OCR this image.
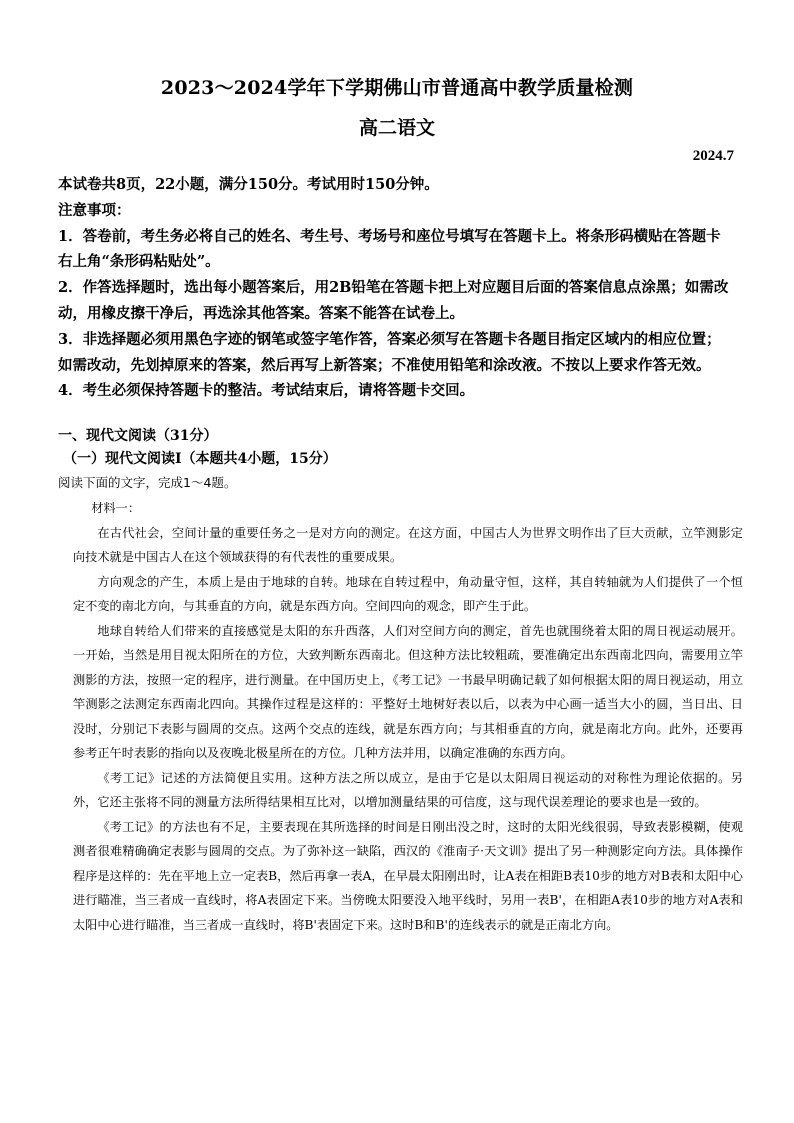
2023～2024学年下学期佛山市普通高中教学质量检测
高二语文
2024.7

本试卷共8页，22小题，满分150分。考试用时150分钟。

注意事项：

1．答卷前，考生务必将自己的姓名、考生号、考场号和座位号填写在答题卡上。将条形码横贴在答题卡右上角“条形码粘贴处”。

2．作答选择题时，选出每小题答案后，用2B铅笔在答题卡把上对应题目后面的答案信息点涂黑；如需改动，用橡皮擦干净后，再选涂其他答案。答案不能答在试卷上。

3．非选择题必须用黑色字迹的钢笔或签字笔作答，答案必须写在答题卡各题目指定区域内的相应位置；如需改动，先划掉原来的答案，然后再写上新答案；不准使用铅笔和涂改液。不按以上要求作答无效。

4．考生必须保持答题卡的整洁。考试结束后，请将答题卡交回。

一、现代文阅读（31分）
（一）现代文阅读Ⅰ（本题共4小题，15分）
阅读下面的文字，完成1～4题。

材料一：

在古代社会，空间计量的重要任务之一是对方向的测定。在这方面，中国古人为世界文明作出了巨大贡献，立竿测影定向技术就是中国古人在这个领域获得的有代表性的重要成果。

方向观念的产生，本质上是由于地球的自转。地球在自转过程中，角动量守恒，这样，其自转轴就为人们提供了一个恒定不变的南北方向，与其垂直的方向，就是东西方向。空间四向的观念，即产生于此。

地球自转给人们带来的直接感觉是太阳的东升西落，人们对空间方向的测定，首先也就围绕着太阳的周日视运动展开。一开始，当然是用目视太阳所在的方位，大致判断东西南北。但这种方法比较粗疏，要准确定出东西南北四向，需要用立竿测影的方法，按照一定的程序，进行测量。在中国历史上，《考工记》一书最早明确记载了如何根据太阳的周日视运动，用立竿测影之法测定东西南北四向。其操作过程是这样的：平整好土地树好表以后，以表为中心画一适当大小的圆，当日出、日没时，分别记下表影与圆周的交点。这两个交点的连线，就是东西方向；与其相垂直的方向，就是南北方向。此外，还要再参考正午时表影的指向以及夜晚北极星所在的方位。几种方法并用，以确定准确的东西方向。

《考工记》记述的方法简便且实用。这种方法之所以成立，是由于它是以太阳周日视运动的对称性为理论依据的。另外，它还主张将不同的测量方法所得结果相互比对，以增加测量结果的可信度，这与现代误差理论的要求也是一致的。

《考工记》的方法也有不足，主要表现在其所选择的时间是日刚出没之时，这时的太阳光线很弱，导致表影模糊，使观测者很难精确确定表影与圆周的交点。为了弥补这一缺陷，西汉的《淮南子·天文训》提出了另一种测影定向方法。具体操作程序是这样的：先在平地上立一定表B，然后再拿一表A，在早晨太阳刚出时，让A表在相距B表10步的地方对B表和太阳中心进行瞄准，当三者成一直线时，将A表固定下来。当傍晚太阳要没入地平线时，另用一表B'，在相距A表10步的地方对A表和太阳中心进行瞄准，当三者成一直线时，将B'表固定下来。这时B和B'的连线表示的就是正南北方向。
